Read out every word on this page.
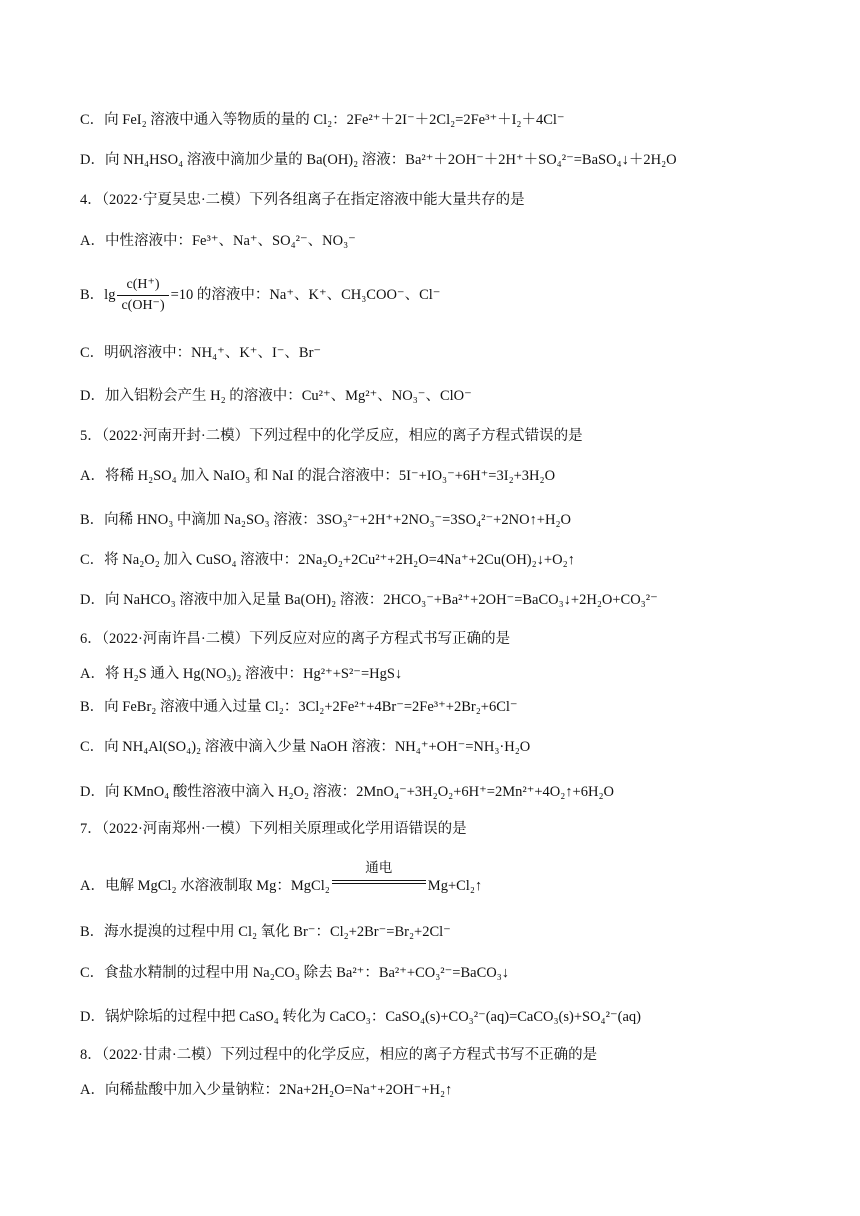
C．向 FeI₂ 溶液中通入等物质的量的 Cl₂：2Fe²⁺＋2I⁻＋2Cl₂=2Fe³⁺＋I₂＋4Cl⁻
D．向 NH₄HSO₄ 溶液中滴加少量的 Ba(OH)₂ 溶液：Ba²⁺＋2OH⁻＋2H⁺＋SO₄²⁻=BaSO₄↓＋2H₂O
4．（2022·宁夏吴忠·二模）下列各组离子在指定溶液中能大量共存的是
A．中性溶液中：Fe³⁺、Na⁺、SO₄²⁻、NO₃⁻
B．$\lg \frac{c(H^+)}{c(OH^-)} =10$ 的溶液中：Na⁺、K⁺、CH₃COO⁻、Cl⁻
C．明矾溶液中：NH₄⁺、K⁺、I⁻、Br⁻
D．加入铝粉会产生 H₂ 的溶液中：Cu²⁺、Mg²⁺、NO₃⁻、ClO⁻
5．（2022·河南开封·二模）下列过程中的化学反应，相应的离子方程式错误的是
A．将稀 H₂SO₄ 加入 NaIO₃ 和 NaI 的混合溶液中：5I⁻+IO₃⁻+6H⁺=3I₂+3H₂O
B．向稀 HNO₃ 中滴加 Na₂SO₃ 溶液：3SO₃²⁻+2H⁺+2NO₃⁻=3SO₄²⁻+2NO↑+H₂O
C．将 Na₂O₂ 加入 CuSO₄ 溶液中：2Na₂O₂+2Cu²⁺+2H₂O=4Na⁺+2Cu(OH)₂↓+O₂↑
D．向 NaHCO₃ 溶液中加入足量 Ba(OH)₂ 溶液：2HCO₃⁻+Ba²⁺+2OH⁻=BaCO₃↓+2H₂O+CO₃²⁻
6．（2022·河南许昌·二模）下列反应对应的离子方程式书写正确的是
A．将 H₂S 通入 Hg(NO₃)₂ 溶液中：Hg²⁺+S²⁻=HgS↓
B．向 FeBr₂ 溶液中通入过量 Cl₂：3Cl₂+2Fe²⁺+4Br⁻=2Fe³⁺+2Br₂+6Cl⁻
C．向 NH₄Al(SO₄)₂ 溶液中滴入少量 NaOH 溶液：NH₄⁺+OH⁻=NH₃·H₂O
D．向 KMnO₄ 酸性溶液中滴入 H₂O₂ 溶液：2MnO₄⁻+3H₂O₂+6H⁺=2Mn²⁺+4O₂↑+6H₂O
7．（2022·河南郑州·一模）下列相关原理或化学用语错误的是
A．电解 MgCl₂ 水溶液制取 Mg：MgCl₂
通电
Mg+Cl₂↑
B．海水提溴的过程中用 Cl₂ 氧化 Br⁻：Cl₂+2Br⁻=Br₂+2Cl⁻
C．食盐水精制的过程中用 Na₂CO₃ 除去 Ba²⁺：Ba²⁺+CO₃²⁻=BaCO₃↓
D．锅炉除垢的过程中把 CaSO₄ 转化为 CaCO₃：CaSO₄(s)+CO₃²⁻(aq)=CaCO₃(s)+SO₄²⁻(aq)
8．（2022·甘肃·二模）下列过程中的化学反应，相应的离子方程式书写不正确的是
A．向稀盐酸中加入少量钠粒：2Na+2H₂O=Na⁺+2OH⁻+H₂↑
